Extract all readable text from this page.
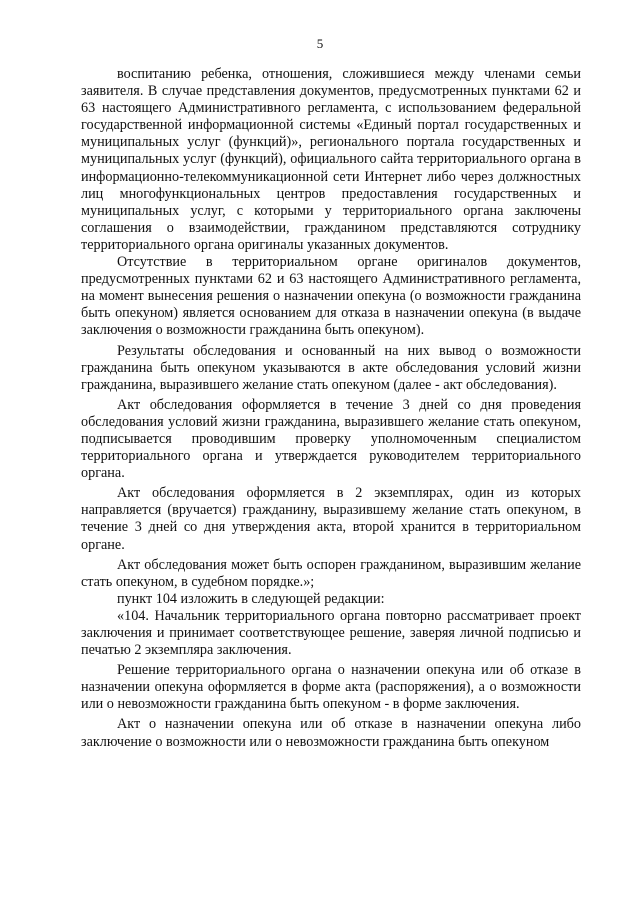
5

воспитанию ребенка, отношения, сложившиеся между членами семьи заявителя. В случае представления документов, предусмотренных пунктами 62 и 63 настоящего Административного регламента, с использованием федеральной государственной информационной системы «Единый портал государственных и муниципальных услуг (функций)», регионального портала государственных и муниципальных услуг (функций), официального сайта территориального органа в информационно-телекоммуникационной сети Интернет либо через должностных лиц многофункциональных центров предоставления государственных и муниципальных услуг, с которыми у территориального органа заключены соглашения о взаимодействии, гражданином представляются сотруднику территориального органа оригиналы указанных документов.

Отсутствие в территориальном органе оригиналов документов, предусмотренных пунктами 62 и 63 настоящего Административного регламента, на момент вынесения решения о назначении опекуна (о возможности гражданина быть опекуном) является основанием для отказа в назначении опекуна (в выдаче заключения о возможности гражданина быть опекуном).

Результаты обследования и основанный на них вывод о возможности гражданина быть опекуном указываются в акте обследования условий жизни гражданина, выразившего желание стать опекуном (далее - акт обследования).

Акт обследования оформляется в течение 3 дней со дня проведения обследования условий жизни гражданина, выразившего желание стать опекуном, подписывается проводившим проверку уполномоченным специалистом территориального органа и утверждается руководителем территориального органа.

Акт обследования оформляется в 2 экземплярах, один из которых направляется (вручается) гражданину, выразившему желание стать опекуном, в течение 3 дней со дня утверждения акта, второй хранится в территориальном органе.

Акт обследования может быть оспорен гражданином, выразившим желание стать опекуном, в судебном порядке.»;

пункт 104 изложить в следующей редакции:

«104. Начальник территориального органа повторно рассматривает проект заключения и принимает соответствующее решение, заверяя личной подписью и печатью 2 экземпляра заключения.

Решение территориального органа о назначении опекуна или об отказе в назначении опекуна оформляется в форме акта (распоряжения), а о возможности или о невозможности гражданина быть опекуном - в форме заключения.

Акт о назначении опекуна или об отказе в назначении опекуна либо заключение о возможности или о невозможности гражданина быть опекуном
